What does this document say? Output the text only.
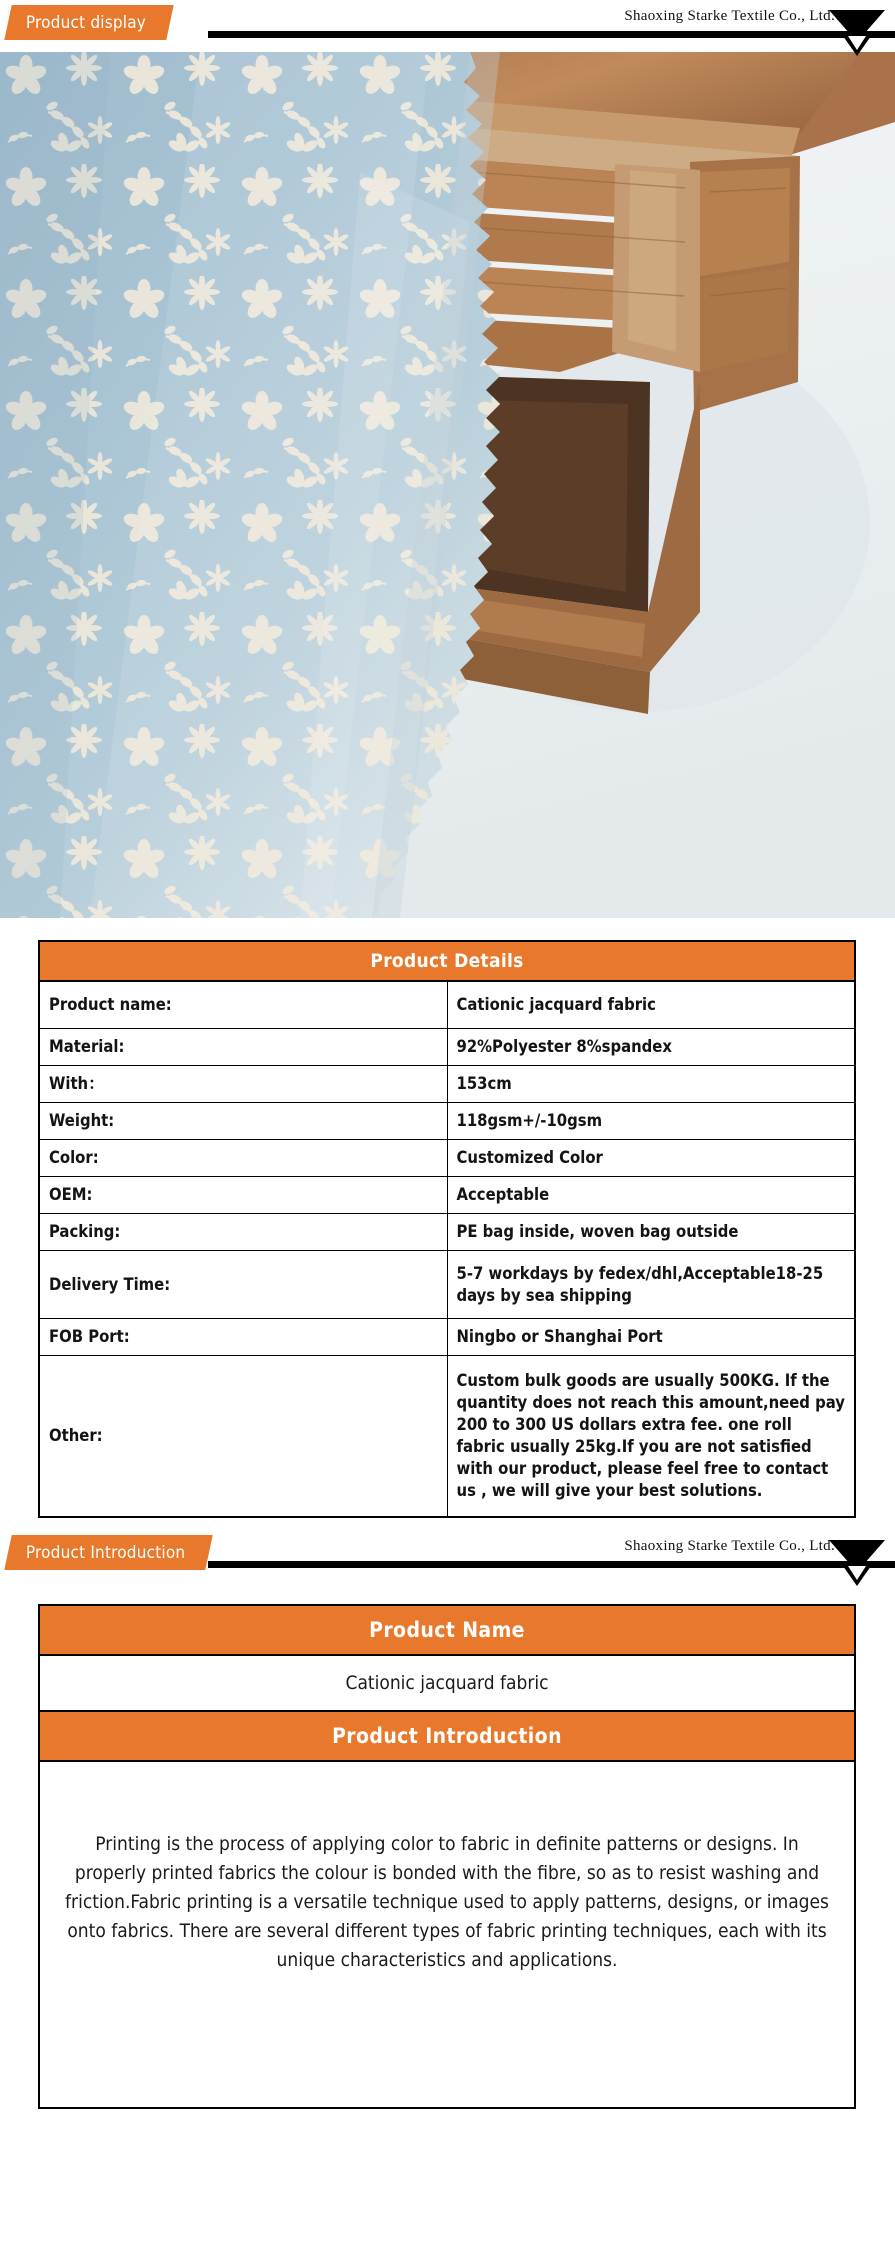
Product display	Shaoxing Starke Textile Co., Ltd.
Product Details	
Product name:	Cationic jacquard fabric
Material:	92%Polyester 8%spandex
With：	153cm
Weight:	118gsm+/-10gsm
Color:	Customized Color
OEM:	Acceptable
Packing:	PE bag inside, woven bag outside
Delivery Time:	5-7 workdays by fedex/dhl,Acceptable18-25 days by sea shipping
FOB Port:	Ningbo or Shanghai Port
Other:	Custom bulk goods are usually 500KG. If the quantity does not reach this amount,need pay 200 to 300 US dollars extra fee. one roll fabric usually 25kg.If you are not satisfied with our product, please feel free to contact us , we will give your best solutions.
Product Introduction	Shaoxing Starke Textile Co., Ltd.
Product Name
Cationic jacquard fabric
Product Introduction

Printing is the process of applying color to fabric in definite patterns or designs. In properly printed fabrics the colour is bonded with the fibre, so as to resist washing and friction.Fabric printing is a versatile technique used to apply patterns, designs, or images onto fabrics. There are several different types of fabric printing techniques, each with its unique characteristics and applications.
